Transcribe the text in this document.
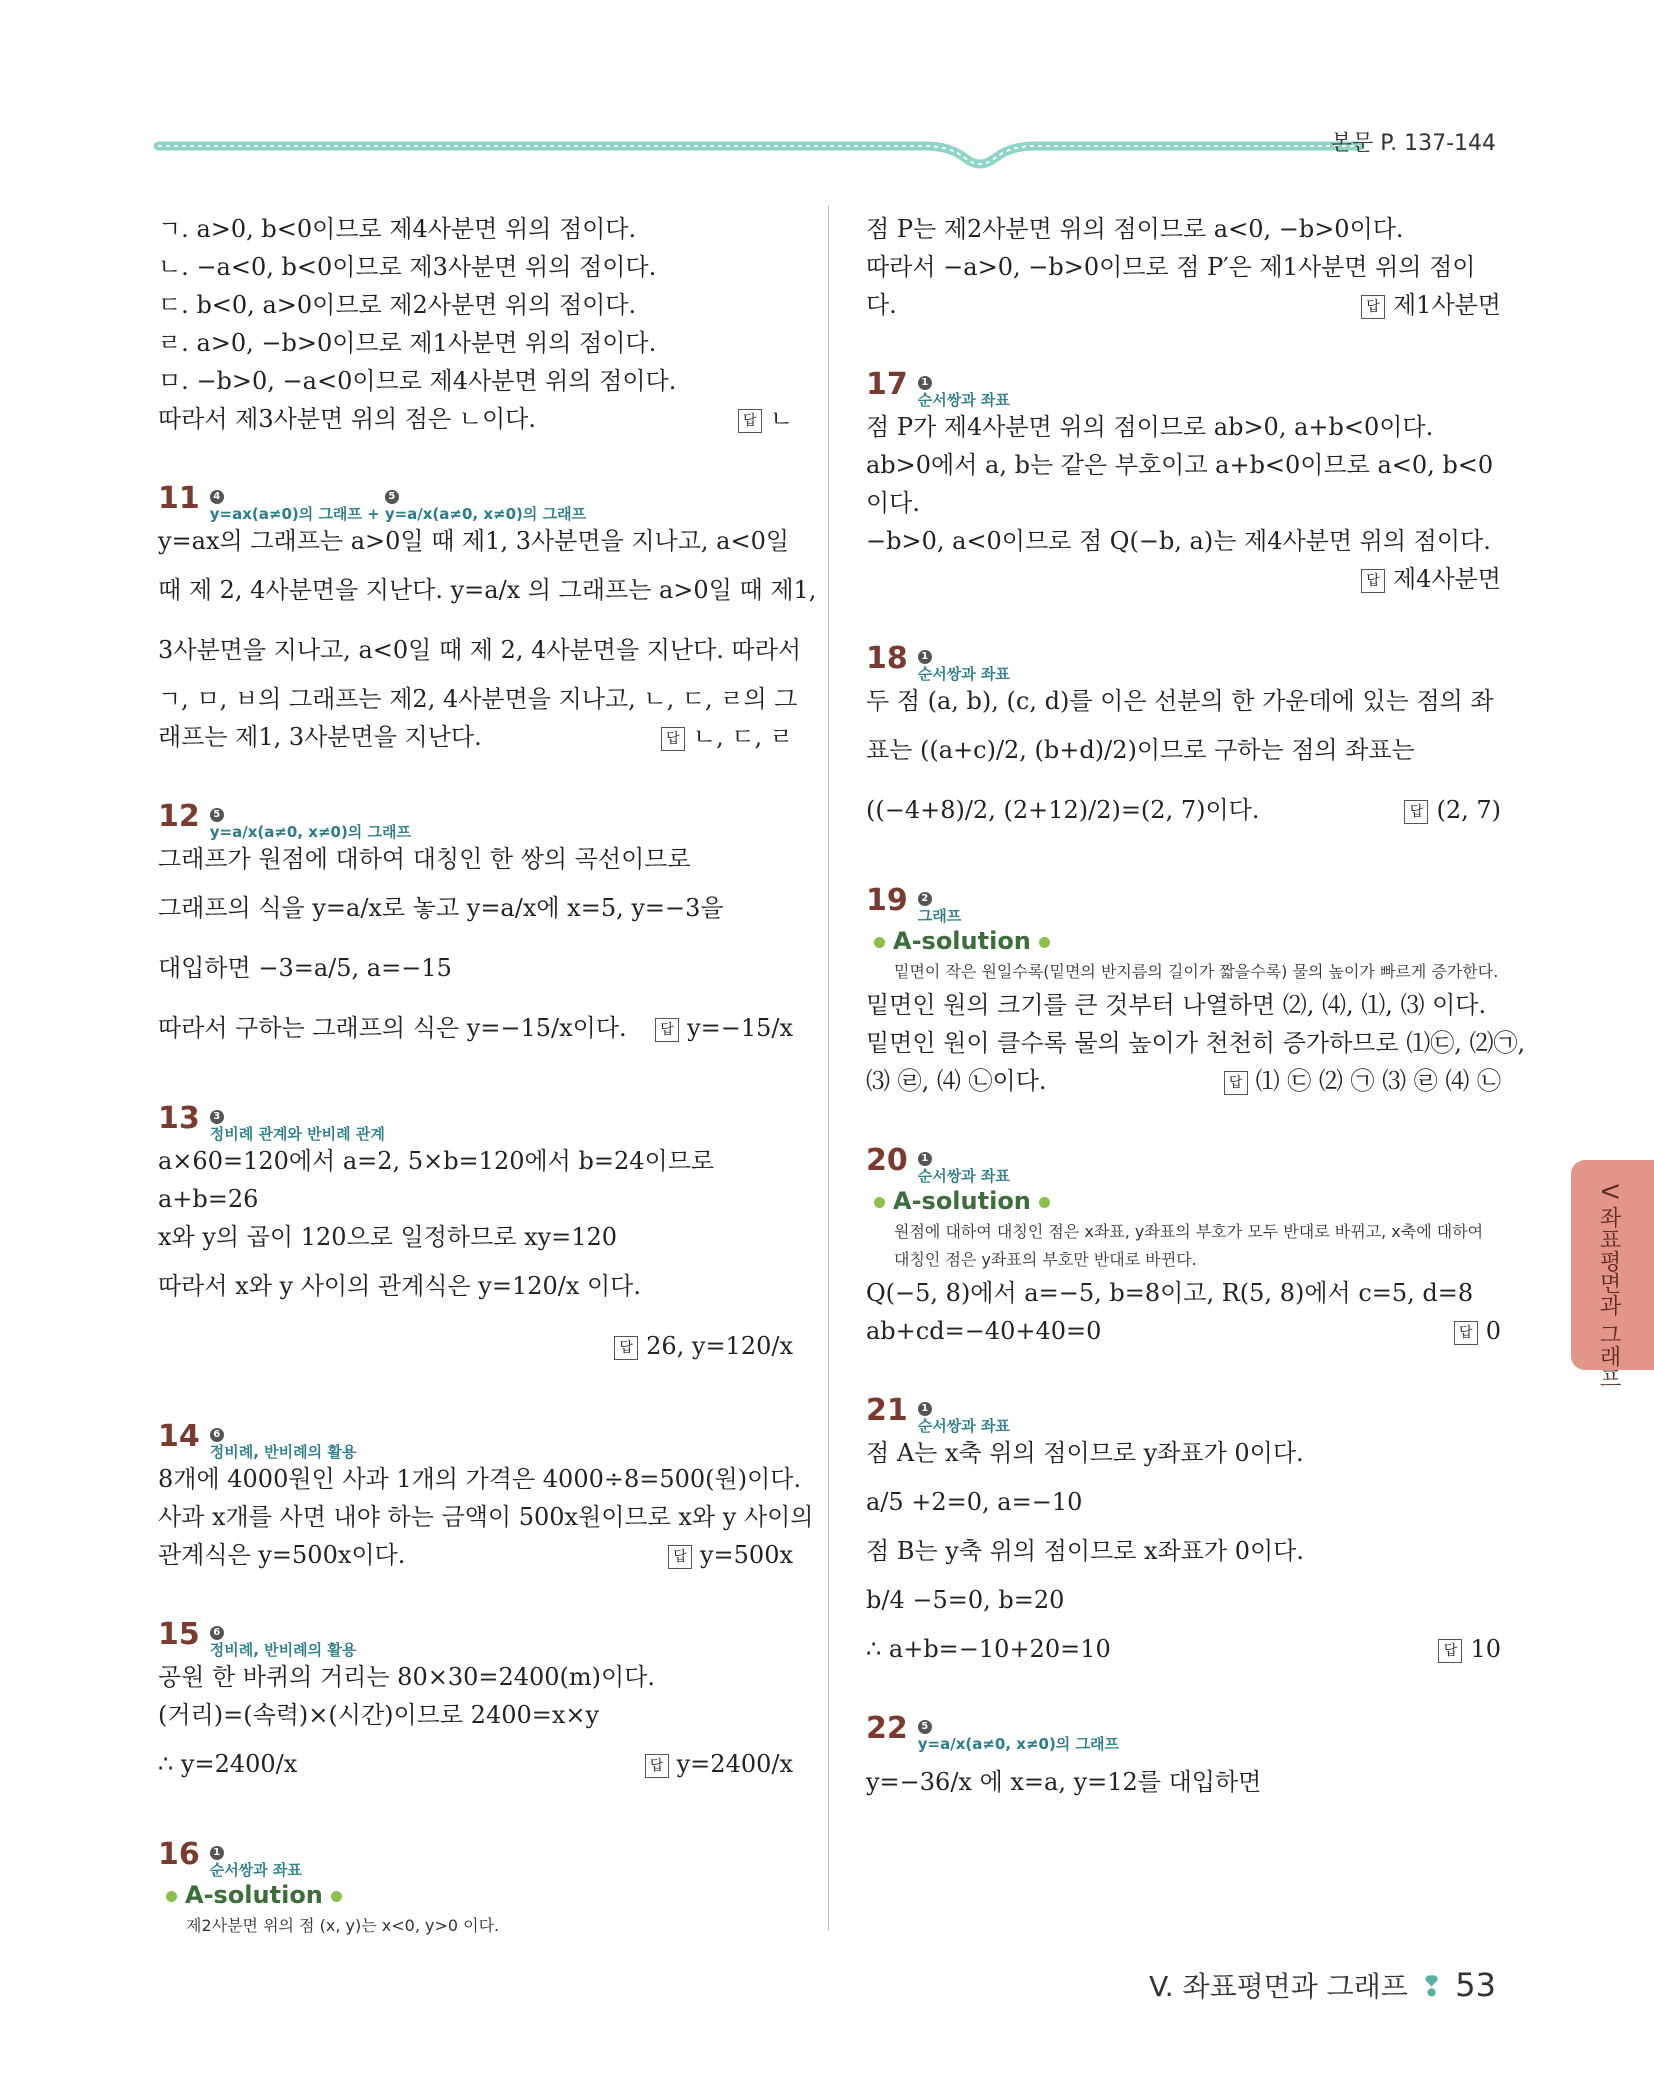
본문 P. 137-144
ㄱ. a>0, b<0이므로 제4사분면 위의 점이다.
ㄴ. −a<0, b<0이므로 제3사분면 위의 점이다.
ㄷ. b<0, a>0이므로 제2사분면 위의 점이다.
ㄹ. a>0, −b>0이므로 제1사분면 위의 점이다.
ㅁ. −b>0, −a<0이므로 제4사분면 위의 점이다.
따라서 제3사분면 위의 점은 ㄴ이다.	답 ㄴ
11	4
y=ax(a≠0)의 그래프 +
5
y=a/x(a≠0, x≠0)의 그래프
y=ax의 그래프는 a>0일 때 제1, 3사분면을 지나고, a<0일
때 제 2, 4사분면을 지난다. y=a/x 의 그래프는 a>0일 때 제1,
3사분면을 지나고, a<0일 때 제 2, 4사분면을 지난다. 따라서
ㄱ, ㅁ, ㅂ의 그래프는 제2, 4사분면을 지나고, ㄴ, ㄷ, ㄹ의 그
래프는 제1, 3사분면을 지난다.	답 ㄴ, ㄷ, ㄹ
12	5
y=a/x(a≠0, x≠0)의 그래프
그래프가 원점에 대하여 대칭인 한 쌍의 곡선이므로
그래프의 식을 y=a/x로 놓고 y=a/x에 x=5, y=−3을
대입하면 −3=a/5, a=−15
따라서 구하는 그래프의 식은 y=−15/x이다.	답 y=−15/x
13	3
정비례 관계와 반비례 관계
a×60=120에서 a=2, 5×b=120에서 b=24이므로
a+b=26
x와 y의 곱이 120으로 일정하므로 xy=120
따라서 x와 y 사이의 관계식은 y=120/x 이다.

답 26, y=120/x
14	6
정비례, 반비례의 활용
8개에 4000원인 사과 1개의 가격은 4000÷8=500(원)이다.
사과 x개를 사면 내야 하는 금액이 500x원이므로 x와 y 사이의
관계식은 y=500x이다.	답 y=500x
15	6
정비례, 반비례의 활용
공원 한 바퀴의 거리는 80×30=2400(m)이다.
(거리)=(속력)×(시간)이므로 2400=x×y
∴ y=2400/x	답 y=2400/x
16	1
순서쌍과 좌표
A-solution
제2사분면 위의 점 (x, y)는 x<0, y>0 이다.
점 P는 제2사분면 위의 점이므로 a<0, −b>0이다.
따라서 −a>0, −b>0이므로 점 P′은 제1사분면 위의 점이
다.	답 제1사분면
17	1
순서쌍과 좌표
점 P가 제4사분면 위의 점이므로 ab>0, a+b<0이다.
ab>0에서 a, b는 같은 부호이고 a+b<0이므로 a<0, b<0
이다.
−b>0, a<0이므로 점 Q(−b, a)는 제4사분면 위의 점이다.

답 제4사분면
18	1
순서쌍과 좌표
두 점 (a, b), (c, d)를 이은 선분의 한 가운데에 있는 점의 좌
표는 ((a+c)/2, (b+d)/2)이므로 구하는 점의 좌표는
((−4+8)/2, (2+12)/2)=(2, 7)이다.	답 (2, 7)
19	2
그래프
A-solution
밑면이 작은 원일수록(밑면의 반지름의 길이가 짧을수록) 물의 높이가 빠르게 증가한다.
밑면인 원의 크기를 큰 것부터 나열하면 ⑵, ⑷, ⑴, ⑶ 이다.
밑면인 원이 클수록 물의 높이가 천천히 증가하므로 ⑴㉢, ⑵㉠,
⑶ ㉣, ⑷ ㉡이다.	답 ⑴ ㉢ ⑵ ㉠ ⑶ ㉣ ⑷ ㉡
20	1
순서쌍과 좌표
A-solution
원점에 대하여 대칭인 점은 x좌표, y좌표의 부호가 모두 반대로 바뀌고, x축에 대하여 대칭인 점은 y좌표의 부호만 반대로 바뀐다.
Q(−5, 8)에서 a=−5, b=8이고, R(5, 8)에서 c=5, d=8
ab+cd=−40+40=0	답 0
21	1
순서쌍과 좌표
점 A는 x축 위의 점이므로 y좌표가 0이다.
a/5 +2=0, a=−10
점 B는 y축 위의 점이므로 x좌표가 0이다.
b/4 −5=0, b=20
∴ a+b=−10+20=10	답 10
22	5
y=a/x(a≠0, x≠0)의 그래프
y=−36/x 에 x=a, y=12를 대입하면
V 좌표평면과 그래프
V. 좌표평면과 그래프 ❢ 53
